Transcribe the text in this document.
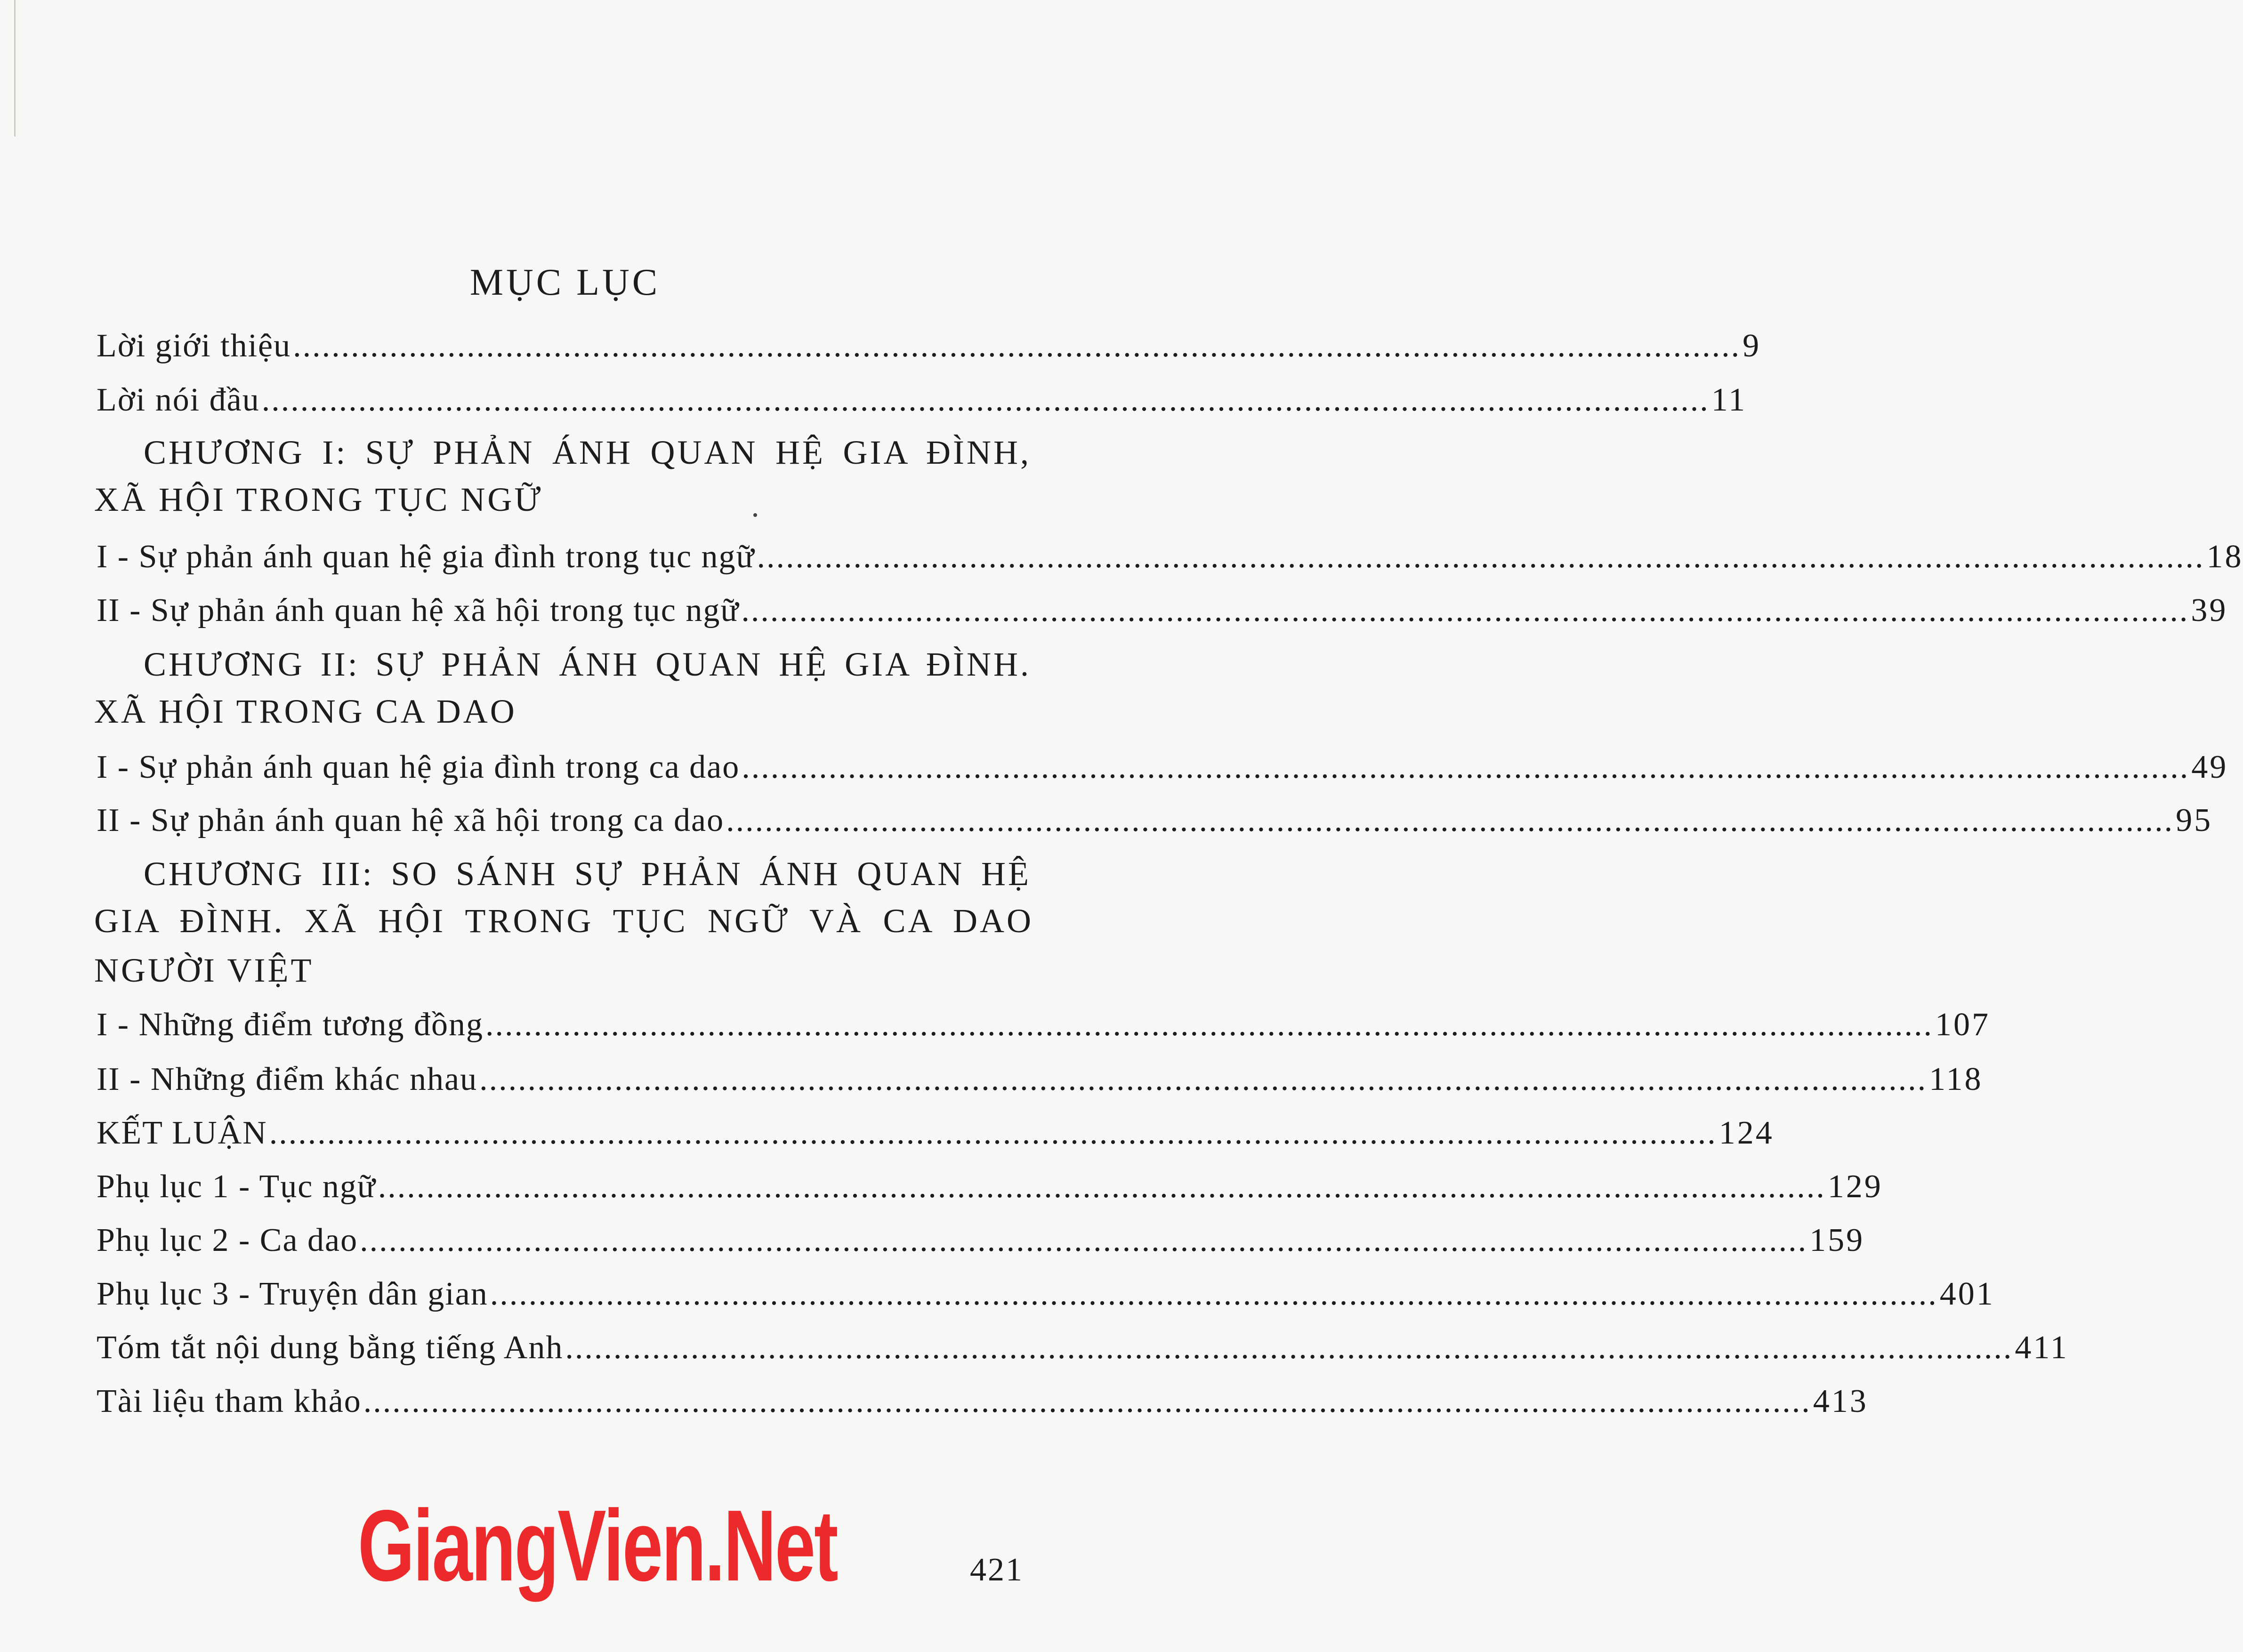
MỤC LỤC
Lời giới thiệu ...................................................................................................................................................... 9
Lời nói đầu ...................................................................................................................................................... 11
CHƯƠNG I: SỰ PHẢN ÁNH QUAN HỆ GIA ĐÌNH,
XÃ HỘI TRONG TỤC NGỮ
I - Sự phản ánh quan hệ gia đình trong tục ngữ ...................................................................................................................................................... 18
II - Sự phản ánh quan hệ xã hội trong tục ngữ ...................................................................................................................................................... 39
CHƯƠNG II: SỰ PHẢN ÁNH QUAN HỆ GIA ĐÌNH.
XÃ HỘI TRONG CA DAO
I - Sự phản ánh quan hệ gia đình trong ca dao ...................................................................................................................................................... 49
II - Sự phản ánh quan hệ xã hội trong ca dao ...................................................................................................................................................... 95
CHƯƠNG III: SO SÁNH SỰ PHẢN ÁNH QUAN HỆ
GIA ĐÌNH. XÃ HỘI TRONG TỤC NGỮ VÀ CA DAO
NGƯỜI VIỆT
I - Những điểm tương đồng ...................................................................................................................................................... 107
II - Những điểm khác nhau ...................................................................................................................................................... 118
KẾT LUẬN ...................................................................................................................................................... 124
Phụ lục 1 - Tục ngữ ...................................................................................................................................................... 129
Phụ lục 2 - Ca dao ...................................................................................................................................................... 159
Phụ lục 3 - Truyện dân gian ...................................................................................................................................................... 401
Tóm tắt nội dung bằng tiếng Anh ...................................................................................................................................................... 411
Tài liệu tham khảo ...................................................................................................................................................... 413
GiangVien.Net	421
